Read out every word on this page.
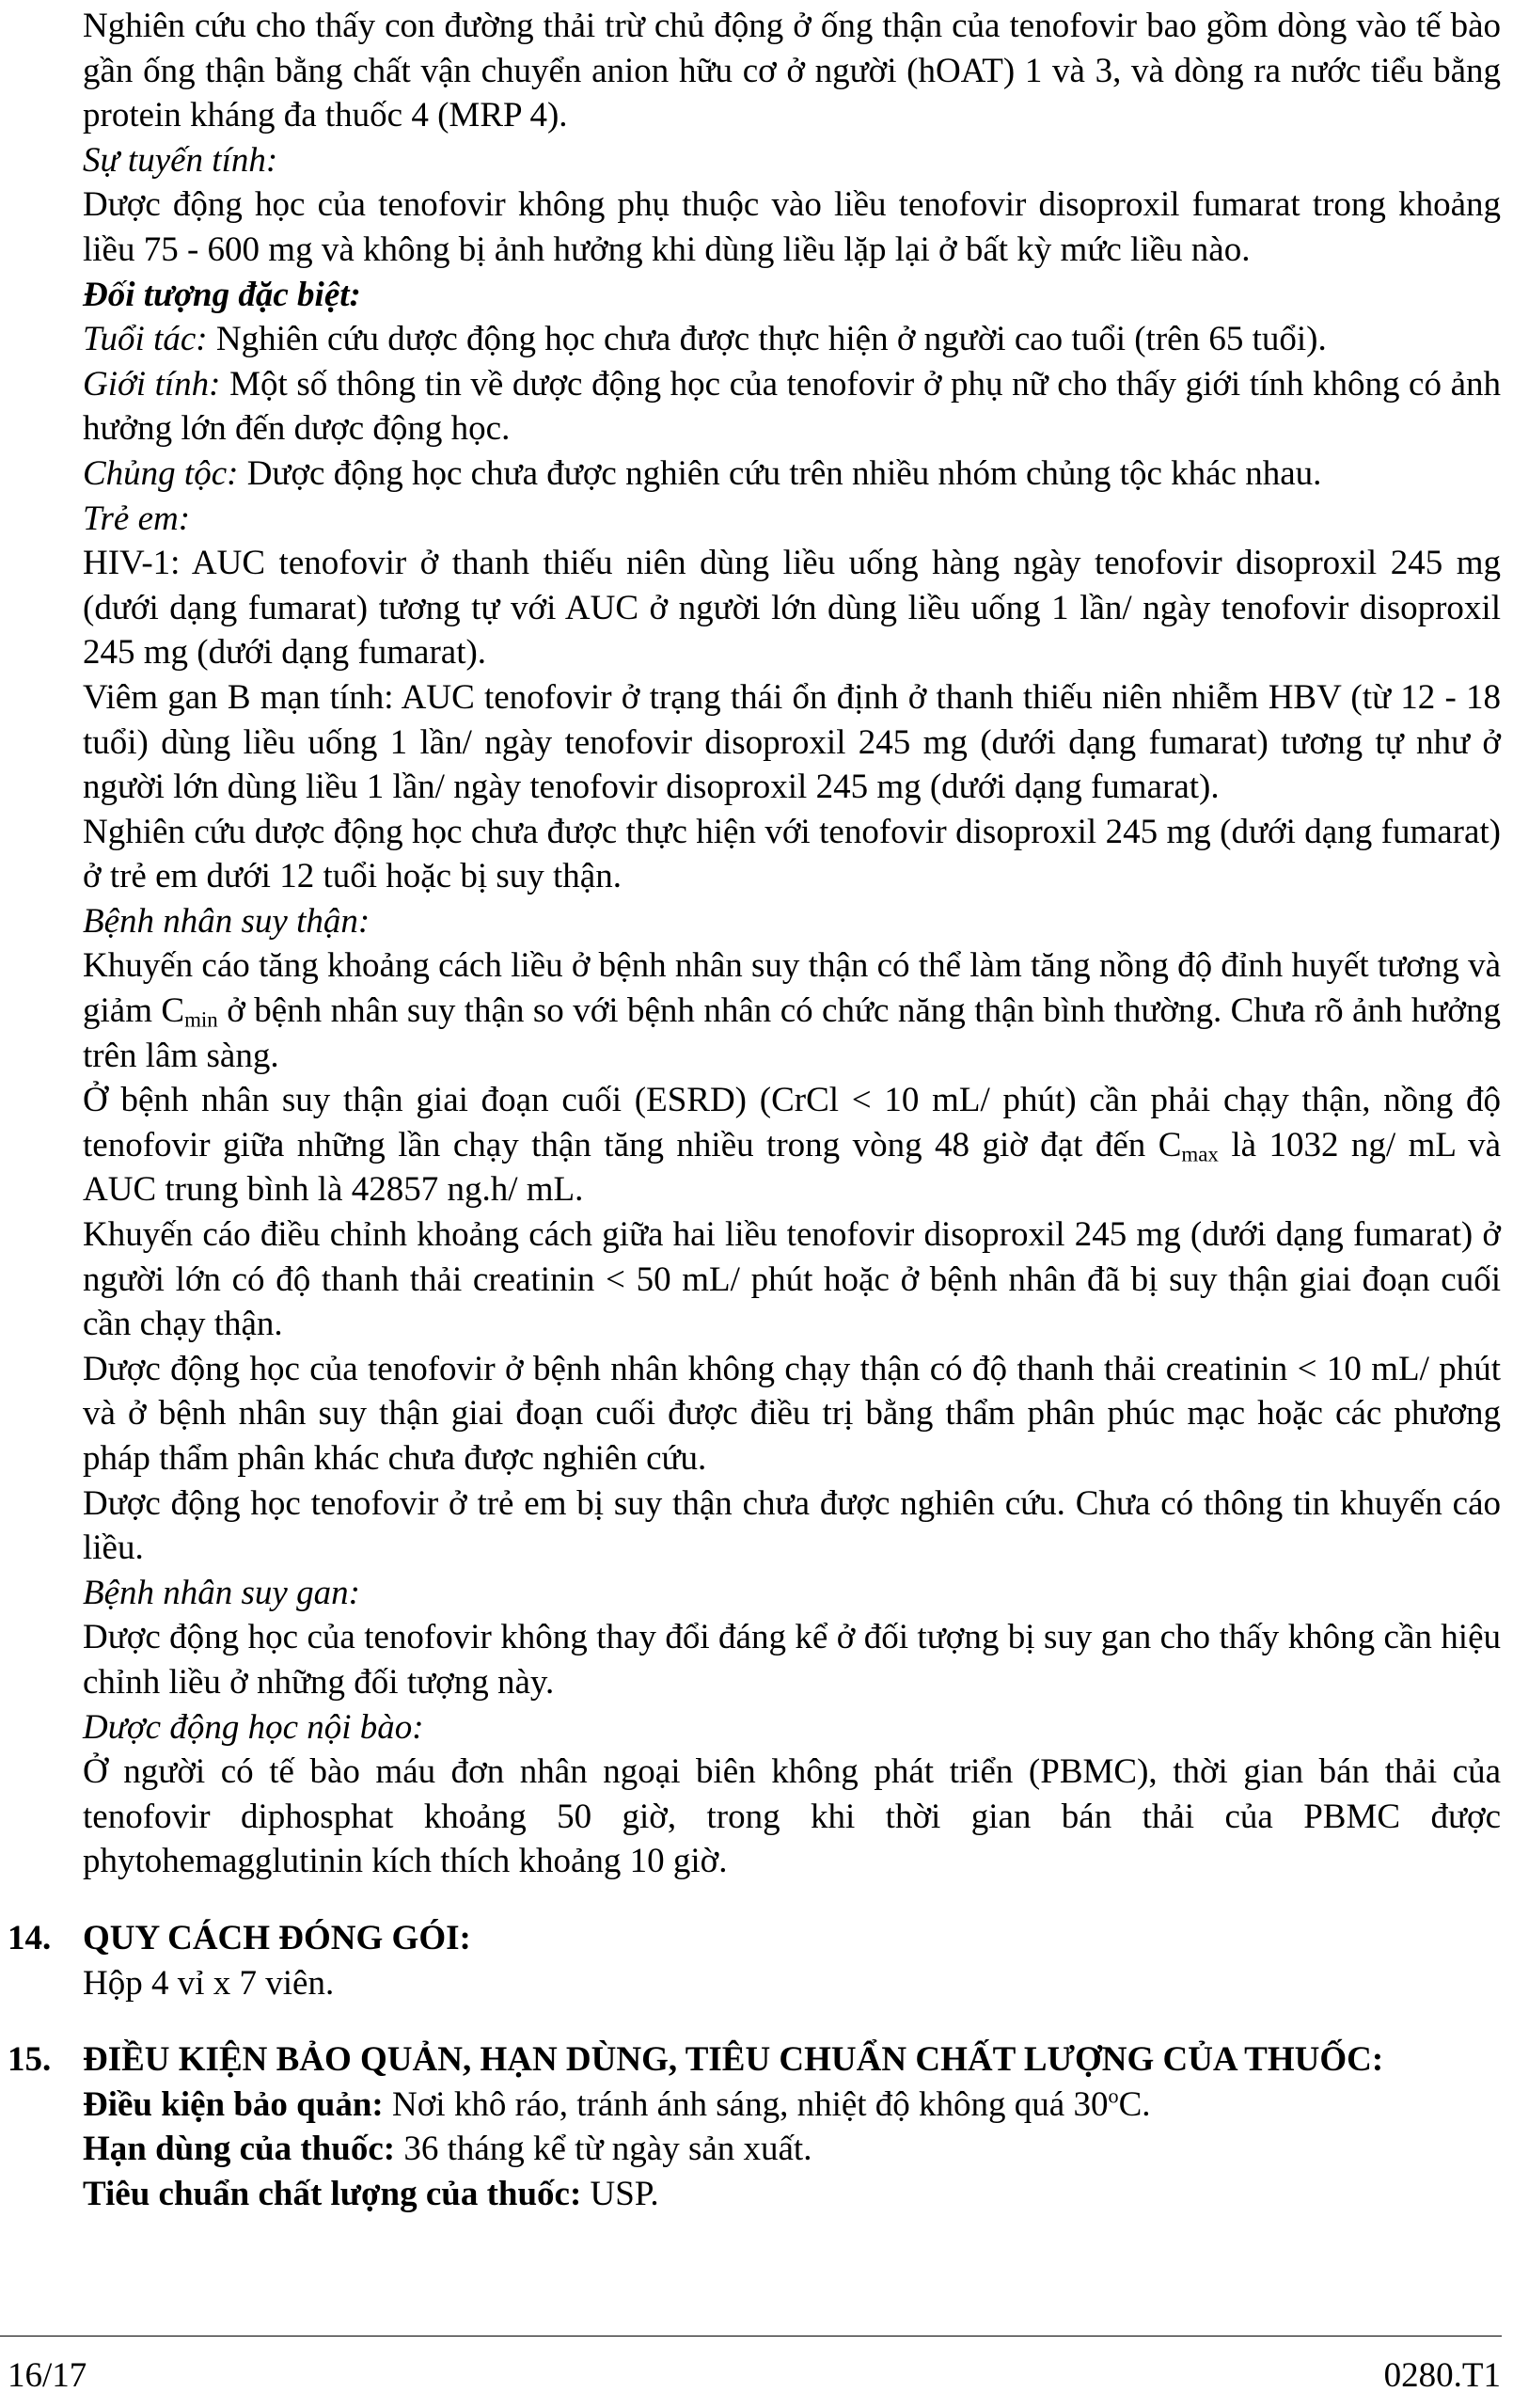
Nghiên cứu cho thấy con đường thải trừ chủ động ở ống thận của tenofovir bao gồm dòng vào tế bào gần ống thận bằng chất vận chuyển anion hữu cơ ở người (hOAT) 1 và 3, và dòng ra nước tiểu bằng protein kháng đa thuốc 4 (MRP 4).

Sự tuyến tính:

Dược động học của tenofovir không phụ thuộc vào liều tenofovir disoproxil fumarat trong khoảng liều 75 - 600 mg và không bị ảnh hưởng khi dùng liều lặp lại ở bất kỳ mức liều nào.

Đối tượng đặc biệt:

Tuổi tác: Nghiên cứu dược động học chưa được thực hiện ở người cao tuổi (trên 65 tuổi).

Giới tính: Một số thông tin về dược động học của tenofovir ở phụ nữ cho thấy giới tính không có ảnh hưởng lớn đến dược động học.

Chủng tộc: Dược động học chưa được nghiên cứu trên nhiều nhóm chủng tộc khác nhau.

Trẻ em:

HIV-1: AUC tenofovir ở thanh thiếu niên dùng liều uống hàng ngày tenofovir disoproxil 245 mg (dưới dạng fumarat) tương tự với AUC ở người lớn dùng liều uống 1 lần/ ngày tenofovir disoproxil 245 mg (dưới dạng fumarat).

Viêm gan B mạn tính: AUC tenofovir ở trạng thái ổn định ở thanh thiếu niên nhiễm HBV (từ 12 - 18 tuổi) dùng liều uống 1 lần/ ngày tenofovir disoproxil 245 mg (dưới dạng fumarat) tương tự như ở người lớn dùng liều 1 lần/ ngày tenofovir disoproxil 245 mg (dưới dạng fumarat).

Nghiên cứu dược động học chưa được thực hiện với tenofovir disoproxil 245 mg (dưới dạng fumarat) ở trẻ em dưới 12 tuổi hoặc bị suy thận.

Bệnh nhân suy thận:

Khuyến cáo tăng khoảng cách liều ở bệnh nhân suy thận có thể làm tăng nồng độ đỉnh huyết tương và giảm $C_{min}$ ở bệnh nhân suy thận so với bệnh nhân có chức năng thận bình thường. Chưa rõ ảnh hưởng trên lâm sàng.

Ở bệnh nhân suy thận giai đoạn cuối (ESRD) (CrCl < 10 mL/ phút) cần phải chạy thận, nồng độ tenofovir giữa những lần chạy thận tăng nhiều trong vòng 48 giờ đạt đến $C_{max}$ là 1032 ng/ mL và AUC trung bình là 42857 ng.h/ mL.

Khuyến cáo điều chỉnh khoảng cách giữa hai liều tenofovir disoproxil 245 mg (dưới dạng fumarat) ở người lớn có độ thanh thải creatinin < 50 mL/ phút hoặc ở bệnh nhân đã bị suy thận giai đoạn cuối cần chạy thận.

Dược động học của tenofovir ở bệnh nhân không chạy thận có độ thanh thải creatinin < 10 mL/ phút và ở bệnh nhân suy thận giai đoạn cuối được điều trị bằng thẩm phân phúc mạc hoặc các phương pháp thẩm phân khác chưa được nghiên cứu.

Dược động học tenofovir ở trẻ em bị suy thận chưa được nghiên cứu. Chưa có thông tin khuyến cáo liều.

Bệnh nhân suy gan:

Dược động học của tenofovir không thay đổi đáng kể ở đối tượng bị suy gan cho thấy không cần hiệu chỉnh liều ở những đối tượng này.

Dược động học nội bào:

Ở người có tế bào máu đơn nhân ngoại biên không phát triển (PBMC), thời gian bán thải của tenofovir diphosphat khoảng 50 giờ, trong khi thời gian bán thải của PBMC được phytohemagglutinin kích thích khoảng 10 giờ.

14. QUY CÁCH ĐÓNG GÓI:

Hộp 4 vỉ x 7 viên.

15. ĐIỀU KIỆN BẢO QUẢN, HẠN DÙNG, TIÊU CHUẨN CHẤT LƯỢNG CỦA THUỐC:

Điều kiện bảo quản: Nơi khô ráo, tránh ánh sáng, nhiệt độ không quá 30$^o$C.

Hạn dùng của thuốc: 36 tháng kể từ ngày sản xuất.

Tiêu chuẩn chất lượng của thuốc: USP.

16/17	0280.T1
